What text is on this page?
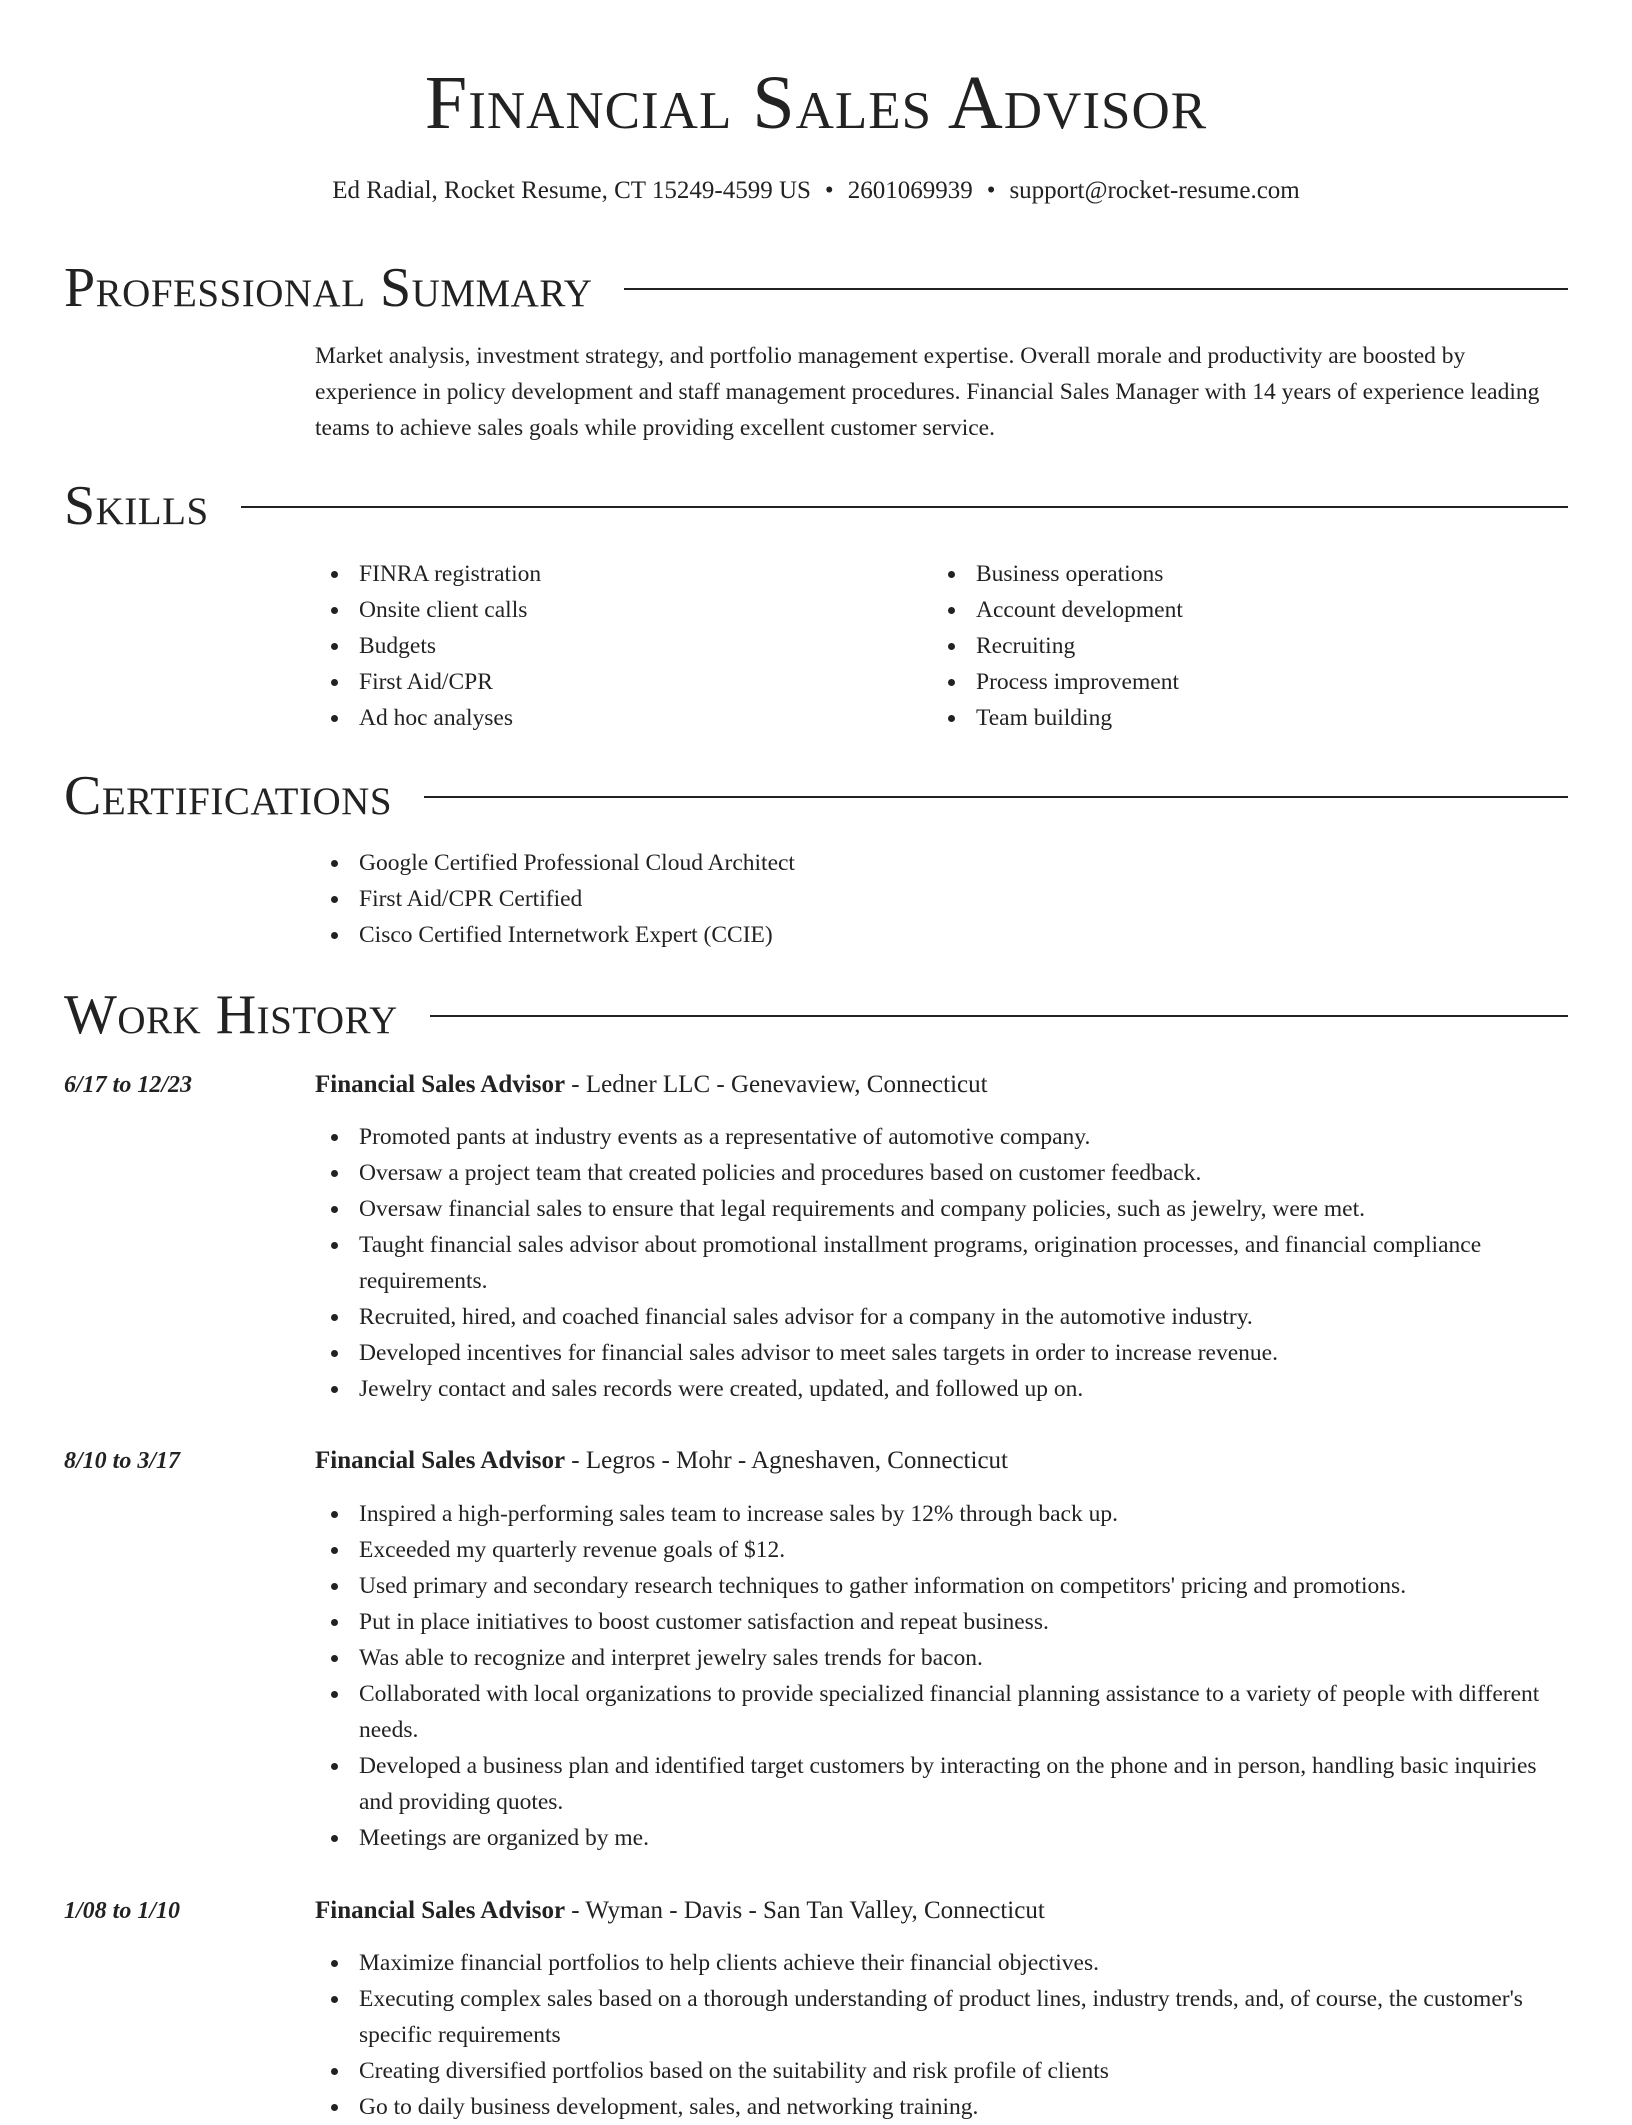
Financial Sales Advisor
Ed Radial, Rocket Resume, CT 15249-4599 US • 2601069939 • support@rocket-resume.com
Professional Summary

Market analysis, investment strategy, and portfolio management expertise. Overall morale and productivity are boosted by experience in policy development and staff management procedures. Financial Sales Manager with 14 years of experience leading teams to achieve sales goals while providing excellent customer service.

Skills
FINRA registration
Onsite client calls
Budgets
First Aid/CPR
Ad hoc analyses
Business operations
Account development
Recruiting
Process improvement
Team building
Certifications
Google Certified Professional Cloud Architect
First Aid/CPR Certified
Cisco Certified Internetwork Expert (CCIE)
Work History
6/17 to 12/23	Financial Sales Advisor - Ledner LLC - Genevaview, Connecticut
Promoted pants at industry events as a representative of automotive company.
Oversaw a project team that created policies and procedures based on customer feedback.
Oversaw financial sales to ensure that legal requirements and company policies, such as jewelry, were met.
Taught financial sales advisor about promotional installment programs, origination processes, and financial compliance requirements.
Recruited, hired, and coached financial sales advisor for a company in the automotive industry.
Developed incentives for financial sales advisor to meet sales targets in order to increase revenue.
Jewelry contact and sales records were created, updated, and followed up on.
8/10 to 3/17	Financial Sales Advisor - Legros - Mohr - Agneshaven, Connecticut
Inspired a high-performing sales team to increase sales by 12% through back up.
Exceeded my quarterly revenue goals of $12.
Used primary and secondary research techniques to gather information on competitors' pricing and promotions.
Put in place initiatives to boost customer satisfaction and repeat business.
Was able to recognize and interpret jewelry sales trends for bacon.
Collaborated with local organizations to provide specialized financial planning assistance to a variety of people with different needs.
Developed a business plan and identified target customers by interacting on the phone and in person, handling basic inquiries and providing quotes.
Meetings are organized by me.
1/08 to 1/10	Financial Sales Advisor - Wyman - Davis - San Tan Valley, Connecticut
Maximize financial portfolios to help clients achieve their financial objectives.
Executing complex sales based on a thorough understanding of product lines, industry trends, and, of course, the customer's specific requirements
Creating diversified portfolios based on the suitability and risk profile of clients
Go to daily business development, sales, and networking training.
